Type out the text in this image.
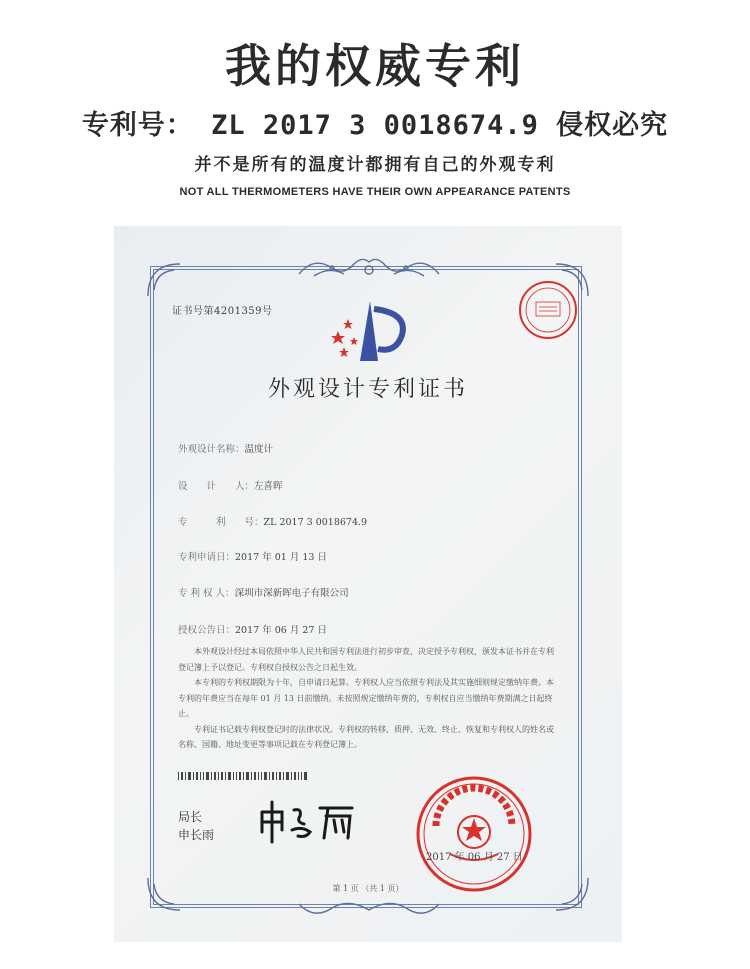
我的权威专利
专利号： ZL 2017 3 0018674.9 侵权必究
并不是所有的温度计都拥有自己的外观专利
NOT ALL THERMOMETERS HAVE THEIR OWN APPEARANCE PATENTS
证书号第4201359号
外观设计专利证书
外观设计名称：温度计
设　　计　　人：左喜晖
专　　　利　　号：ZL 2017 3 0018674.9
专利申请日：2017 年 01 月 13 日
专 利 权 人：深圳市深新晖电子有限公司
授权公告日：2017 年 06 月 27 日

本外观设计经过本局依照中华人民共和国专利法进行初步审查，决定授予专利权，颁发本证书并在专利登记簿上予以登记。专利权自授权公告之日起生效。

本专利的专利权期限为十年，自申请日起算。专利权人应当依照专利法及其实施细则规定缴纳年费。本专利的年费应当在每年 01 月 13 日前缴纳。未按照规定缴纳年费的，专利权自应当缴纳年费期满之日起终止。

专利证书记载专利权登记时的法律状况。专利权的转移、质押、无效、终止、恢复和专利权人的姓名或名称、国籍、地址变更等事项记载在专利登记簿上。

局长
申长雨
2017 年 06 月 27 日
第 1 页 （共 1 页）
